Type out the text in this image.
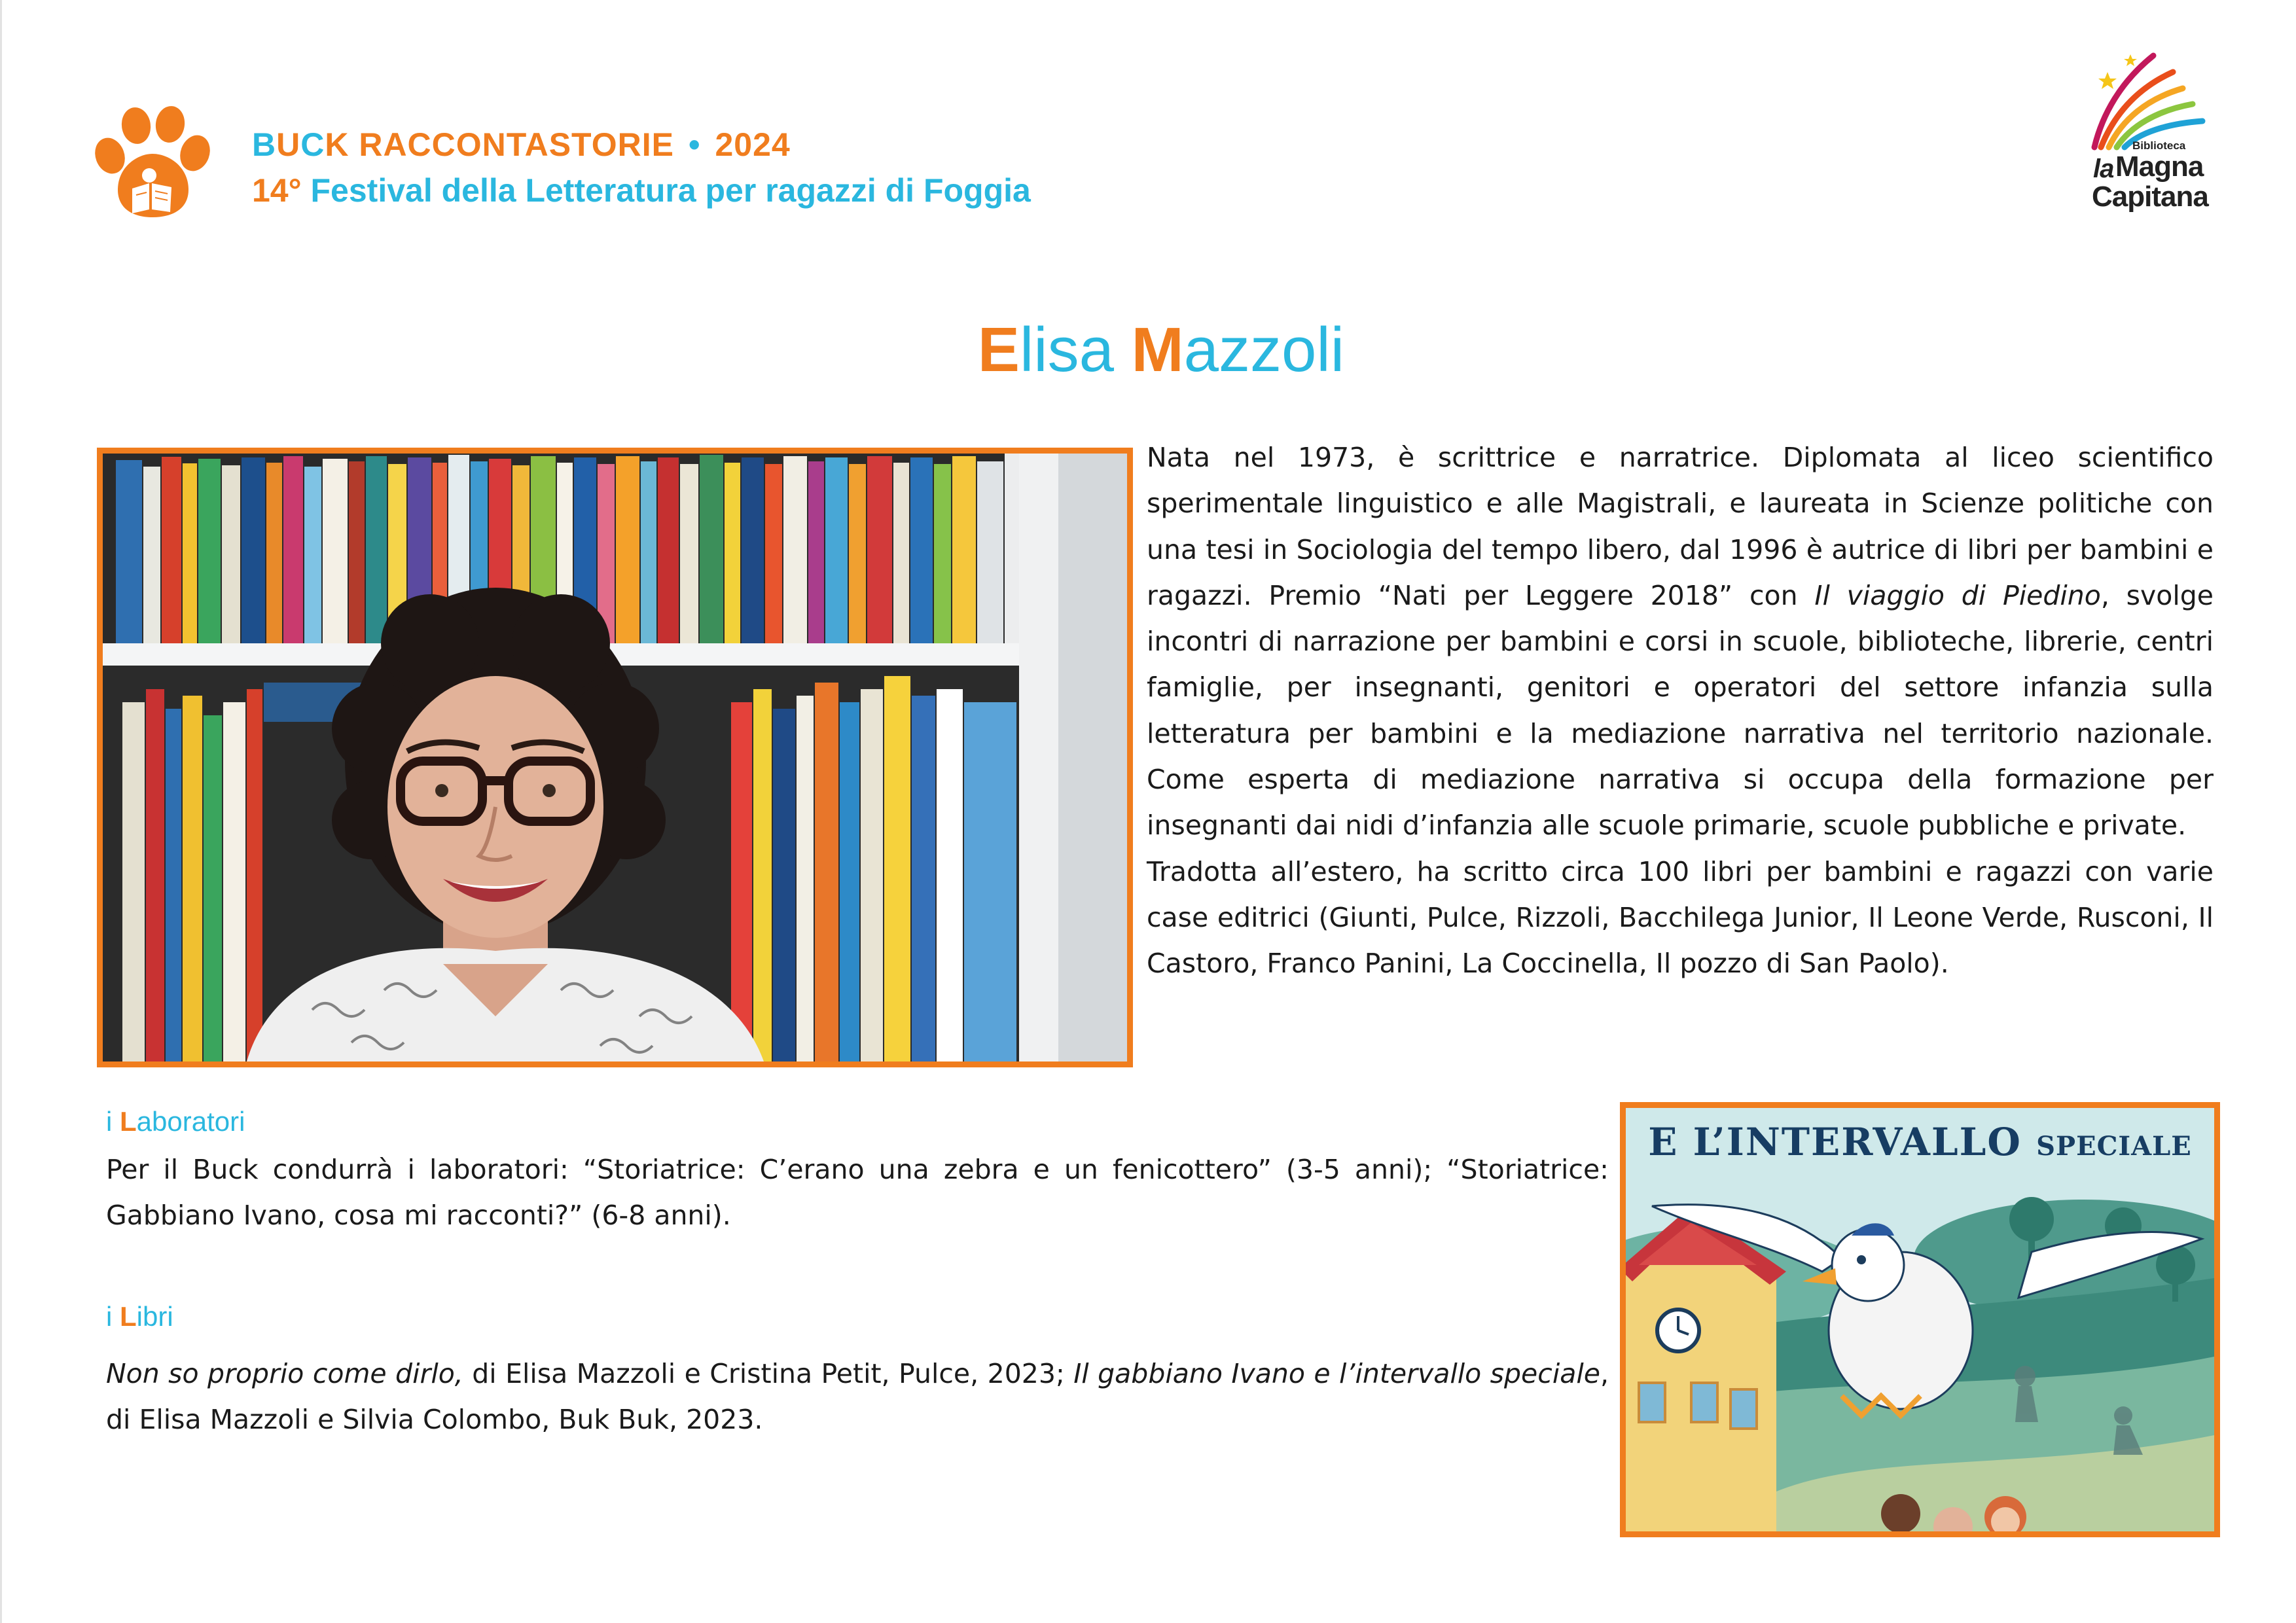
BUCK RACCONTASTORIE • 2024
14° Festival della Letteratura per ragazzi di Foggia
Biblioteca
la Magna
Capitana
Elisa Mazzoli

Nata nel 1973, è scrittrice e narratrice. Diplomata al liceo scientifico sperimentale linguistico e alle Magistrali, e laureata in Scienze politiche con una tesi in Sociologia del tempo libero, dal 1996 è autrice di libri per bambini e ragazzi. Premio “Nati per Leggere 2018” con Il viaggio di Piedino, svolge incontri di narrazione per bambini e corsi in scuole, biblioteche, librerie, centri famiglie, per insegnanti, genitori e operatori del settore infanzia sulla letteratura per bambini e la mediazione narrativa nel territorio nazionale. Come esperta di mediazione narrativa si occupa della formazione per insegnanti dai nidi d’infanzia alle scuole primarie, scuole pubbliche e private.

Tradotta all’estero, ha scritto circa 100 libri per bambini e ragazzi con varie case editrici (Giunti, Pulce, Rizzoli, Bacchilega Junior, Il Leone Verde, Rusconi, Il Castoro, Franco Panini, La Coccinella, Il pozzo di San Paolo).

i Laboratori

Per il Buck condurrà i laboratori: “Storiatrice: C’erano una zebra e un fenicottero” (3-5 anni); “Storiatrice: Gabbiano Ivano, cosa mi racconti?” (6-8 anni).

i Libri

Non so proprio come dirlo, di Elisa Mazzoli e Cristina Petit, Pulce, 2023; Il gabbiano Ivano e l’intervallo speciale, di Elisa Mazzoli e Silvia Colombo, Buk Buk, 2023.

E L’INTERVALLO SPECIALE
